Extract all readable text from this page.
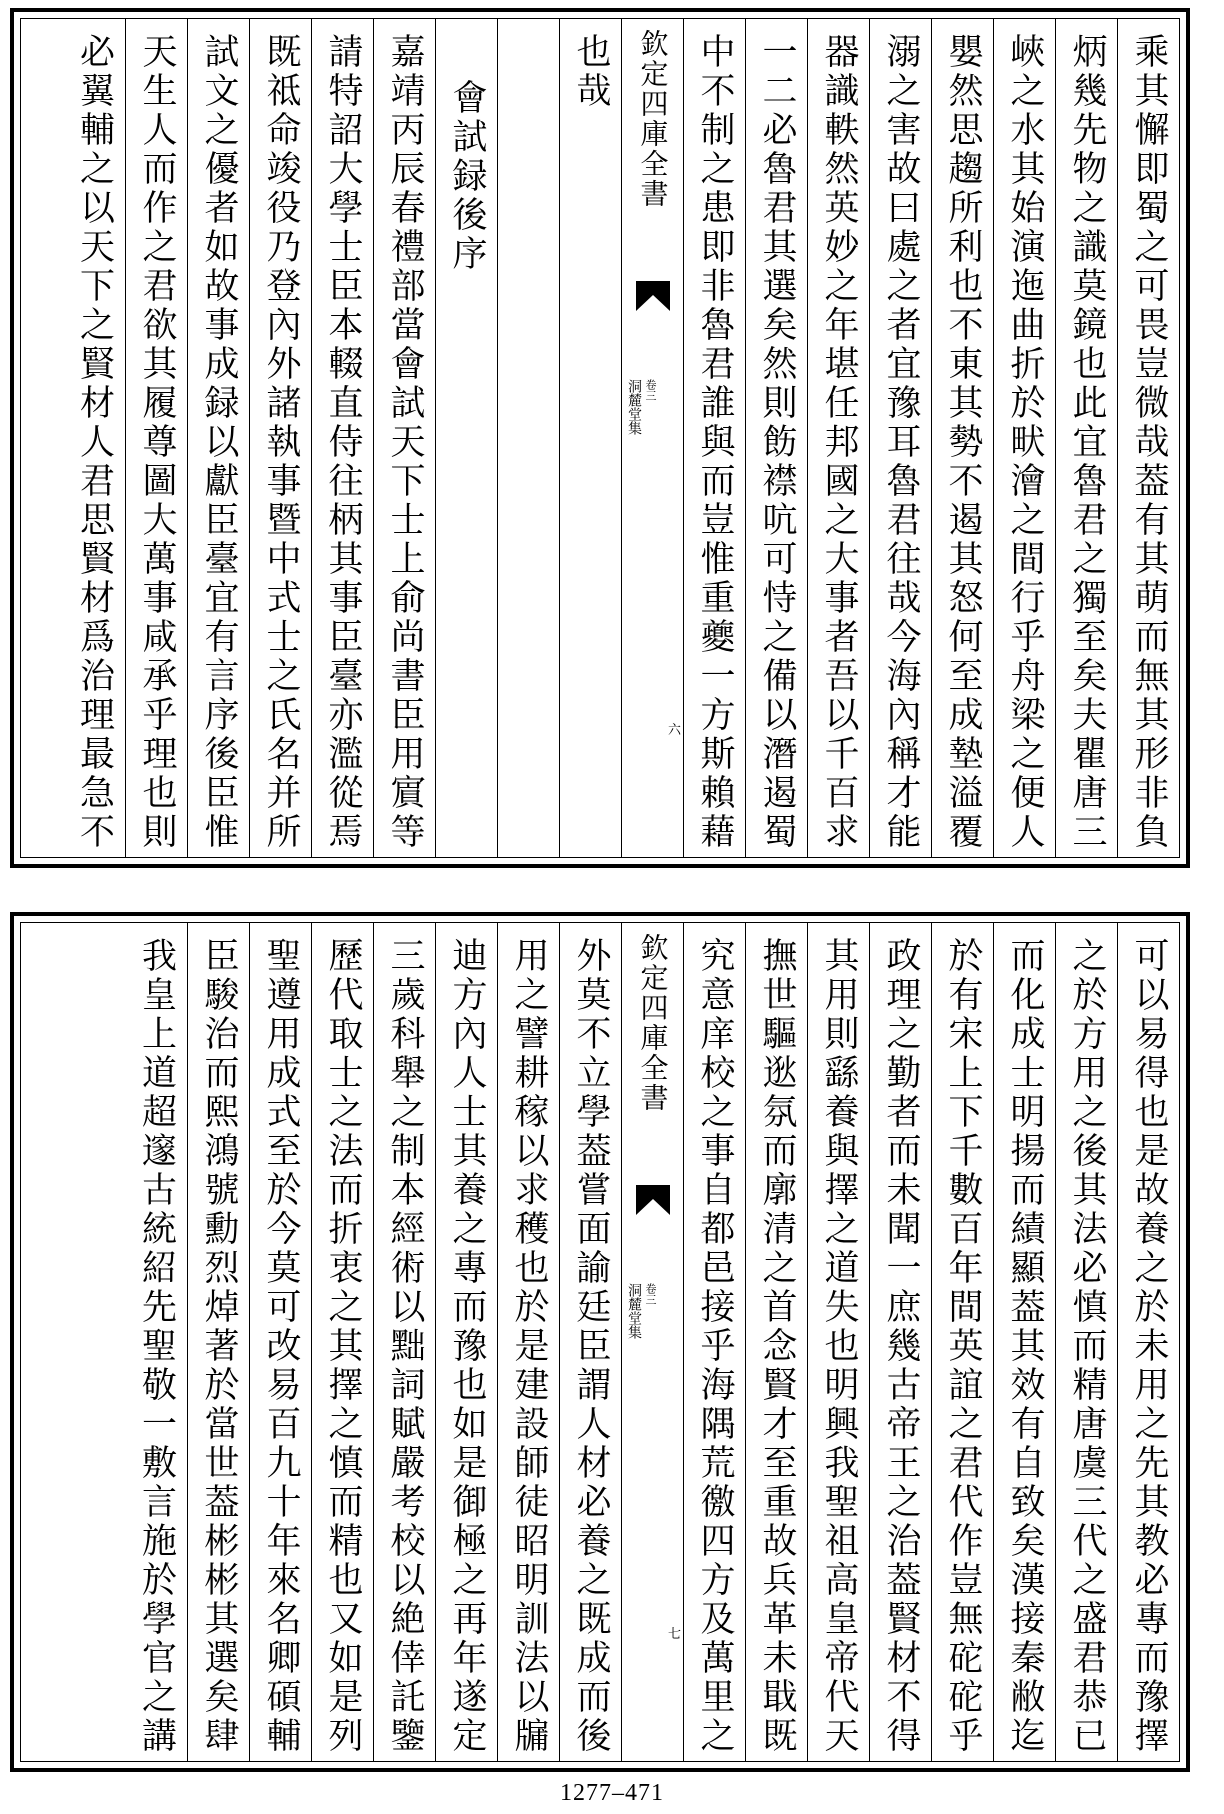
乘其懈即蜀之可畏豈微哉葢有其萌而無其形非負
炳幾先物之識莫鏡也此宜魯君之獨至矣夫瞿唐三
峽之水其始演迤曲折於畎澮之間行乎舟梁之便人
嬰然思趨所利也不東其勢不遏其怒何至成墊溢覆
溺之害故曰處之者宜豫耳魯君往哉今海內稱才能
器識軼然英妙之年堪任邦國之大事者吾以千百求
一二必魯君其選矣然則飭襟吭可恃之備以潛遏蜀
中不制之患即非魯君誰與而豈惟重夔一方斯賴藉
欽定四庫全書
洞麓堂集 卷三
六
也哉
會試録後序
嘉靖丙辰春禮部當會試天下士上俞尚書臣用賔等
請特詔大學士臣本輟直侍往柄其事臣臺亦濫從焉
既祗命竣役乃登內外諸執事暨中式士之氏名并所
試文之優者如故事成録以獻臣臺宜有言序後臣惟
天生人而作之君欲其履尊圖大萬事咸承乎理也則
必翼輔之以天下之賢材人君思賢材爲治理最急不
可以易得也是故養之於未用之先其教必專而豫擇
之於方用之後其法必慎而精唐虞三代之盛君恭已
而化成士明揚而績顯葢其效有自致矣漢接秦敝迄
於有宋上下千數百年間英誼之君代作豈無砣砣乎
政理之勤者而未聞一庶幾古帝王之治葢賢材不得
其用則繇養與擇之道失也明興我聖祖高皇帝代天
撫世驅逖氛而廓清之首念賢才至重故兵革未戢既
究意庠校之事自都邑接乎海隅荒徼四方及萬里之
欽定四庫全書
洞麓堂集 卷三
七
外莫不立學葢嘗面諭廷臣謂人材必養之既成而後
用之譬耕稼以求穫也於是建設師徒昭明訓法以牖
迪方內人士其養之專而豫也如是御極之再年遂定
三歲科舉之制本經術以黜詞賦嚴考校以絶倖託鑒
歷代取士之法而折衷之其擇之慎而精也又如是列
聖遵用成式至於今莫可改易百九十年來名卿碩輔
臣駿治而熙鴻號勳烈焯著於當世葢彬彬其選矣肆
我皇上道超邃古統紹先聖敬一敷言施於學官之講
1277–471
